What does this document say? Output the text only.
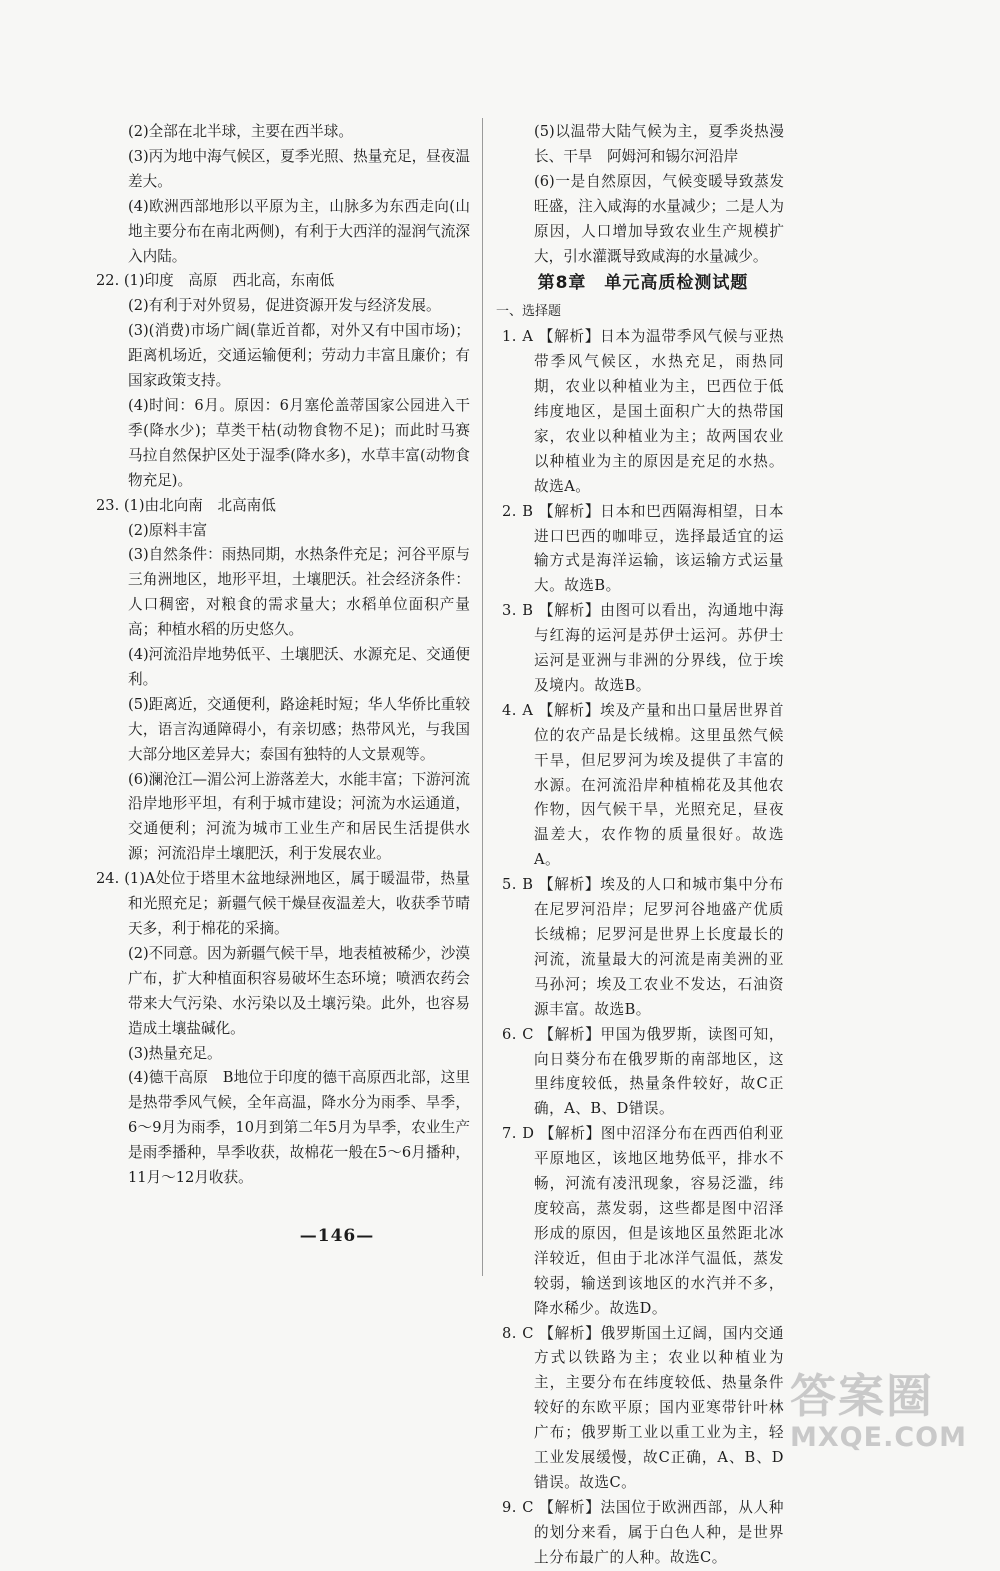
(2)全部在北半球，主要在西半球。
(3)丙为地中海气候区，夏季光照、热量充足，昼夜温差大。
(4)欧洲西部地形以平原为主，山脉多为东西走向(山地主要分布在南北两侧)，有利于大西洋的湿润气流深入内陆。
22. (1)印度　高原　西北高，东南低
(2)有利于对外贸易，促进资源开发与经济发展。
(3)(消费)市场广阔(靠近首都，对外又有中国市场)；距离机场近，交通运输便利；劳动力丰富且廉价；有国家政策支持。
(4)时间：6月。原因：6月塞伦盖蒂国家公园进入干季(降水少)；草类干枯(动物食物不足)；而此时马赛马拉自然保护区处于湿季(降水多)，水草丰富(动物食物充足)。
23. (1)由北向南　北高南低
(2)原料丰富
(3)自然条件：雨热同期，水热条件充足；河谷平原与三角洲地区，地形平坦，土壤肥沃。社会经济条件：人口稠密，对粮食的需求量大；水稻单位面积产量高；种植水稻的历史悠久。
(4)河流沿岸地势低平、土壤肥沃、水源充足、交通便利。
(5)距离近，交通便利，路途耗时短；华人华侨比重较大，语言沟通障碍小，有亲切感；热带风光，与我国大部分地区差异大；泰国有独特的人文景观等。
(6)澜沧江—湄公河上游落差大，水能丰富；下游河流沿岸地形平坦，有利于城市建设；河流为水运通道，交通便利；河流为城市工业生产和居民生活提供水源；河流沿岸土壤肥沃，利于发展农业。
24. (1)A处位于塔里木盆地绿洲地区，属于暖温带，热量和光照充足；新疆气候干燥昼夜温差大，收获季节晴天多，利于棉花的采摘。
(2)不同意。因为新疆气候干旱，地表植被稀少，沙漠广布，扩大种植面积容易破坏生态环境；喷洒农药会带来大气污染、水污染以及土壤污染。此外，也容易造成土壤盐碱化。
(3)热量充足。
(4)德干高原　B地位于印度的德干高原西北部，这里是热带季风气候，全年高温，降水分为雨季、旱季，6～9月为雨季，10月到第二年5月为旱季，农业生产是雨季播种，旱季收获，故棉花一般在5～6月播种，11月～12月收获。
(5)以温带大陆气候为主，夏季炎热漫长、干旱　阿姆河和锡尔河沿岸
(6)一是自然原因，气候变暖导致蒸发旺盛，注入咸海的水量减少；二是人为原因，人口增加导致农业生产规模扩大，引水灌溉导致咸海的水量减少。
第8章　单元高质检测试题
一、选择题
1. A 【解析】日本为温带季风气候与亚热带季风气候区，水热充足，雨热同期，农业以种植业为主，巴西位于低纬度地区，是国土面积广大的热带国家，农业以种植业为主；故两国农业以种植业为主的原因是充足的水热。故选A。
2. B 【解析】日本和巴西隔海相望，日本进口巴西的咖啡豆，选择最适宜的运输方式是海洋运输，该运输方式运量大。故选B。
3. B 【解析】由图可以看出，沟通地中海与红海的运河是苏伊士运河。苏伊士运河是亚洲与非洲的分界线，位于埃及境内。故选B。
4. A 【解析】埃及产量和出口量居世界首位的农产品是长绒棉。这里虽然气候干旱，但尼罗河为埃及提供了丰富的水源。在河流沿岸种植棉花及其他农作物，因气候干旱，光照充足，昼夜温差大，农作物的质量很好。故选A。
5. B 【解析】埃及的人口和城市集中分布在尼罗河沿岸；尼罗河谷地盛产优质长绒棉；尼罗河是世界上长度最长的河流，流量最大的河流是南美洲的亚马孙河；埃及工农业不发达，石油资源丰富。故选B。
6. C 【解析】甲国为俄罗斯，读图可知，向日葵分布在俄罗斯的南部地区，这里纬度较低，热量条件较好，故C正确，A、B、D错误。
7. D 【解析】图中沼泽分布在西西伯利亚平原地区，该地区地势低平，排水不畅，河流有凌汛现象，容易泛滥，纬度较高，蒸发弱，这些都是图中沼泽形成的原因，但是该地区虽然距北冰洋较近，但由于北冰洋气温低，蒸发较弱，输送到该地区的水汽并不多，降水稀少。故选D。
8. C 【解析】俄罗斯国土辽阔，国内交通方式以铁路为主；农业以种植业为主，主要分布在纬度较低、热量条件较好的东欧平原；国内亚寒带针叶林广布；俄罗斯工业以重工业为主，轻工业发展缓慢，故C正确，A、B、D错误。故选C。
9. C 【解析】法国位于欧洲西部，从人种的划分来看，属于白色人种，是世界上分布最广的人种。故选C。
—146—
答案圈
MXQE.COM
